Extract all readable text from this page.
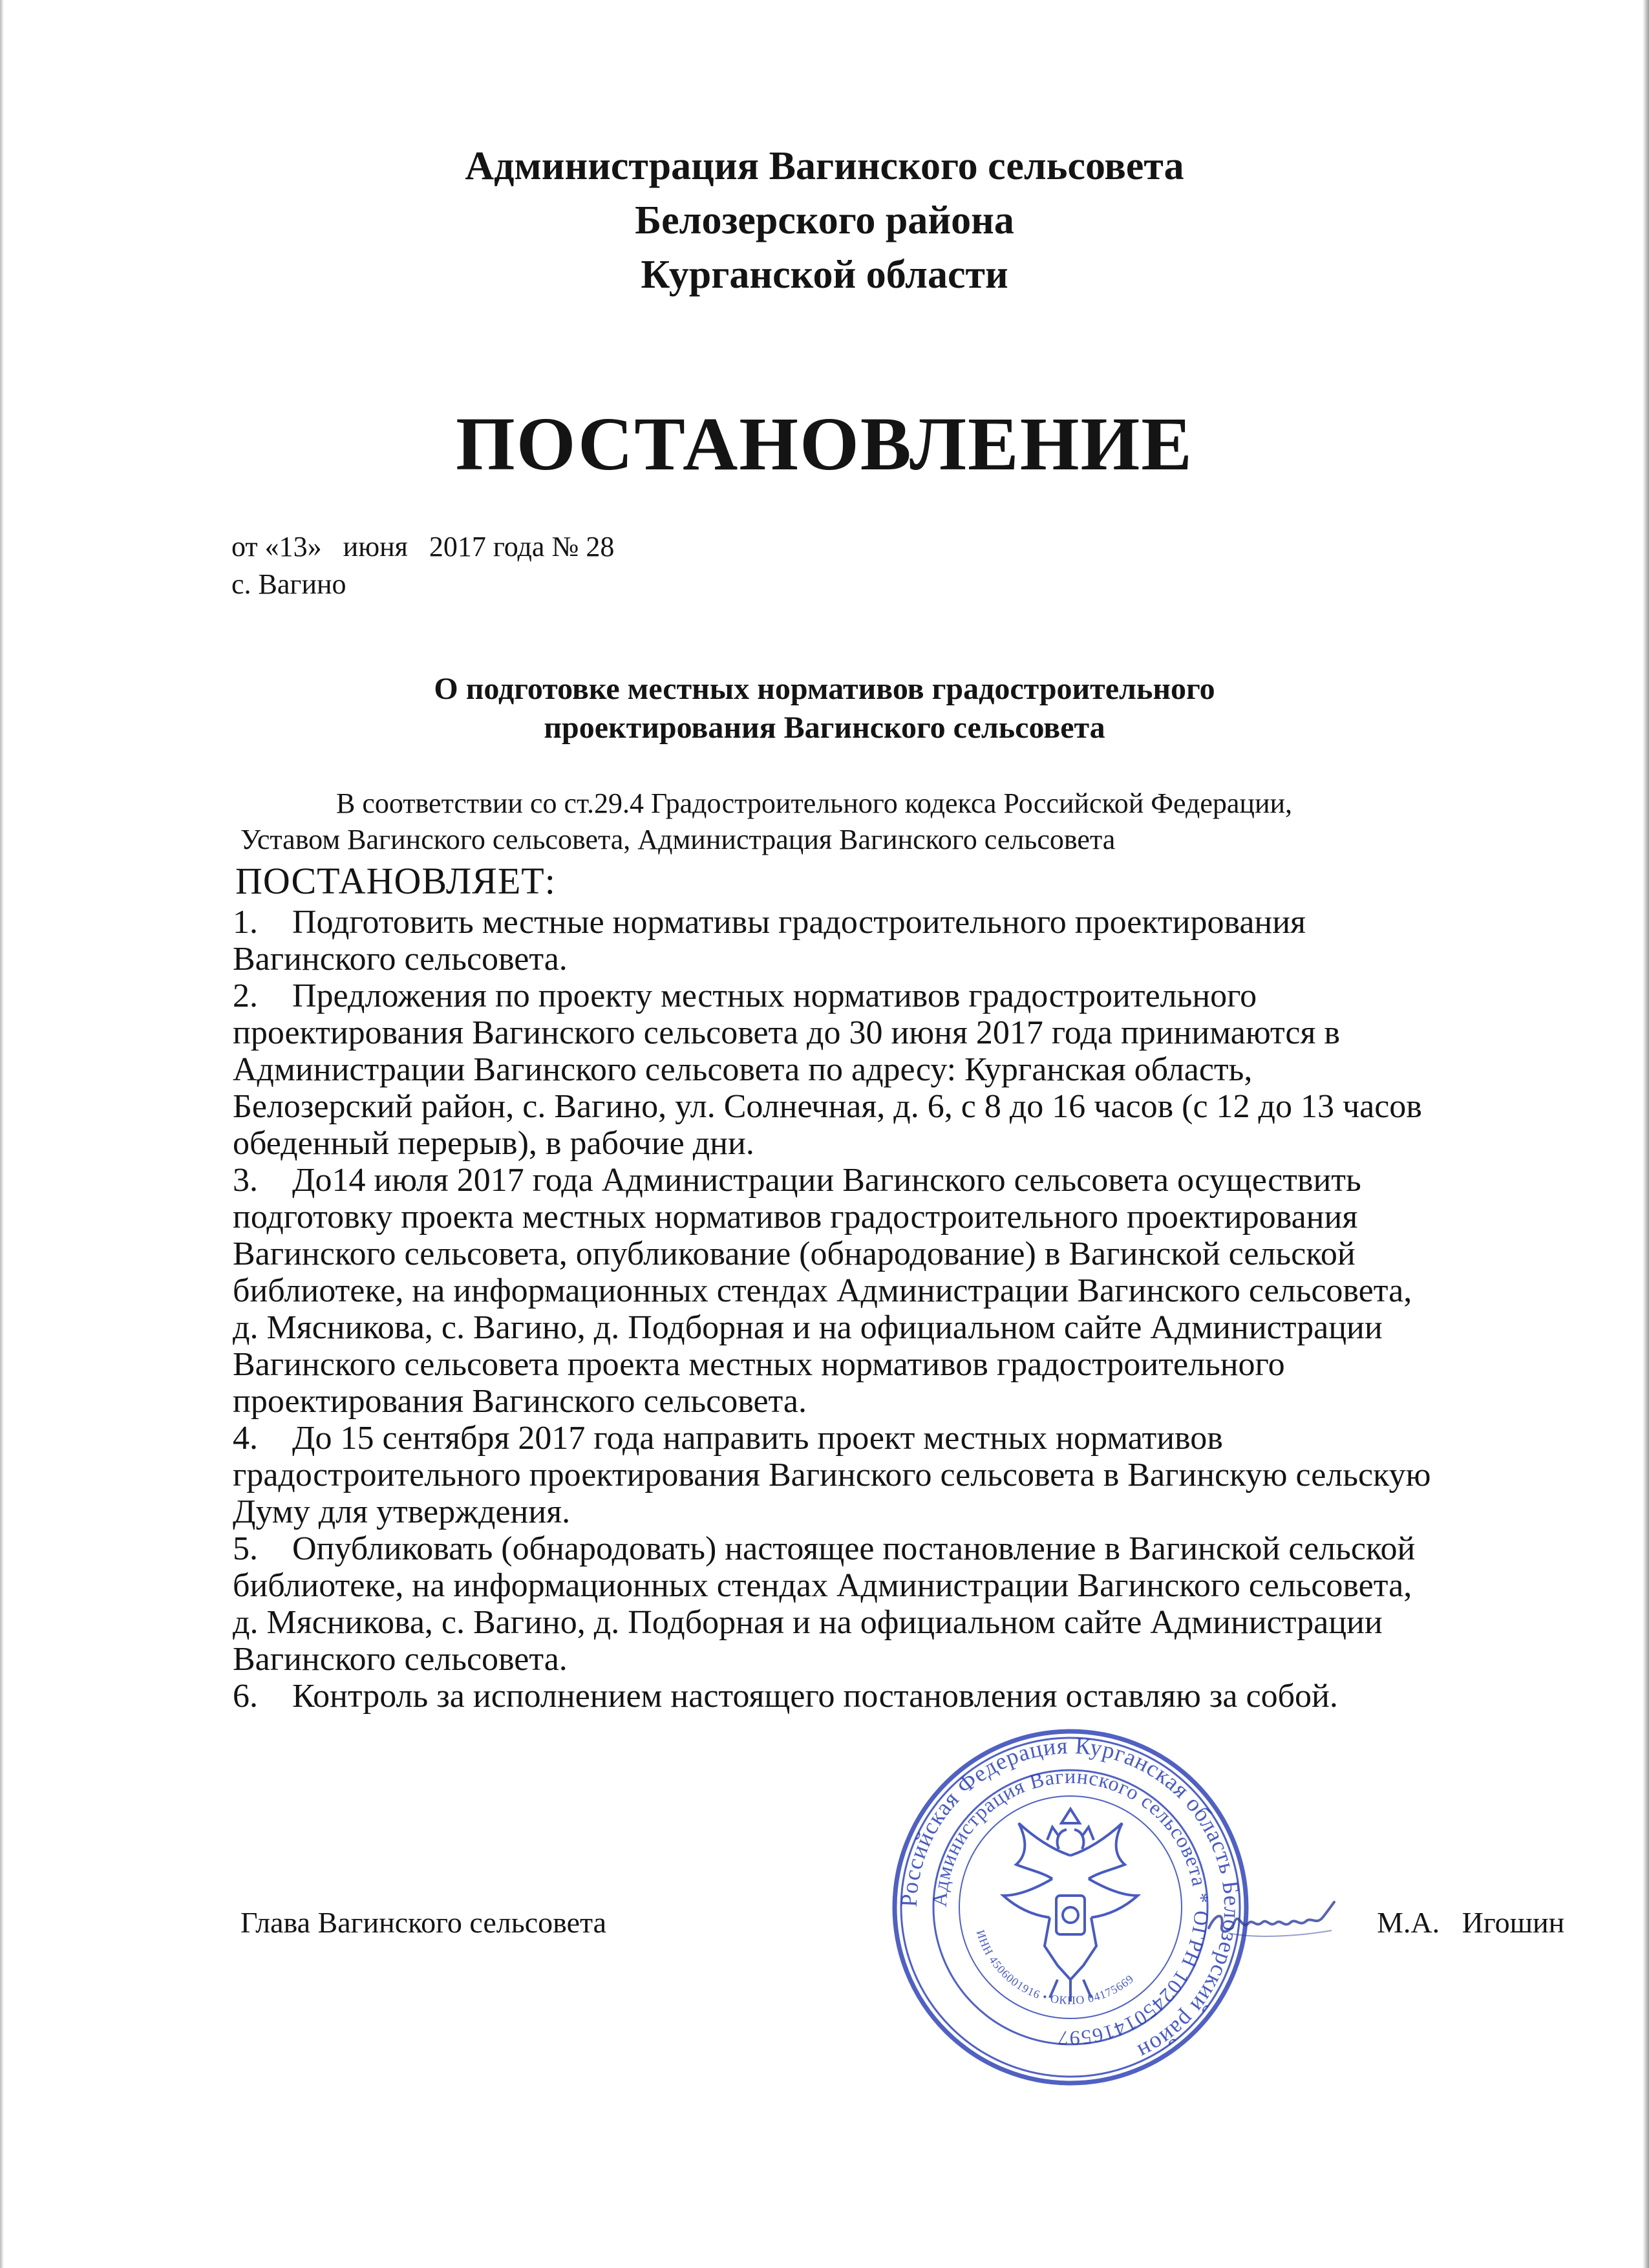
Администрация Вагинского сельсовета
Белозерского района
Курганской области
ПОСТАНОВЛЕНИЕ
от «13»   июня   2017 года № 28
с. Вагино
О подготовке местных нормативов градостроительного
проектирования Вагинского сельсовета
В соответствии со ст.29.4 Градостроительного кодекса Российской Федерации,
Уставом Вагинского сельсовета, Администрация Вагинского сельсовета
ПОСТАНОВЛЯЕТ:
1. Подготовить местные нормативы градостроительного проектирования
Вагинского сельсовета.
2. Предложения по проекту местных нормативов градостроительного
проектирования Вагинского сельсовета до 30 июня 2017 года принимаются в
Администрации Вагинского сельсовета по адресу: Курганская область,
Белозерский район, с. Вагино, ул. Солнечная, д. 6, с 8 до 16 часов (с 12 до 13 часов
обеденный перерыв), в рабочие дни.
3. До14 июля 2017 года Администрации Вагинского сельсовета осуществить
подготовку проекта местных нормативов градостроительного проектирования
Вагинского сельсовета, опубликование (обнародование) в Вагинской сельской
библиотеке, на информационных стендах Администрации Вагинского сельсовета,
д. Мясникова, с. Вагино, д. Подборная и на официальном сайте Администрации
Вагинского сельсовета проекта местных нормативов градостроительного
проектирования Вагинского сельсовета.
4. До 15 сентября 2017 года направить проект местных нормативов
градостроительного проектирования Вагинского сельсовета в Вагинскую сельскую
Думу для утверждения.
5. Опубликовать (обнародовать) настоящее постановление в Вагинской сельской
библиотеке, на информационных стендах Администрации Вагинского сельсовета,
д. Мясникова, с. Вагино, д. Подборная и на официальном сайте Администрации
Вагинского сельсовета.
6. Контроль за исполнением настоящего постановления оставляю за собой.
Глава Вагинского сельсовета
Российская Федерация Курганская область Белозерский район
Администрация Вагинского сельсовета * ОГРН 1024501416597
ИНН 4506001916 • ОКПО 04175669
М.А.   Игошин
